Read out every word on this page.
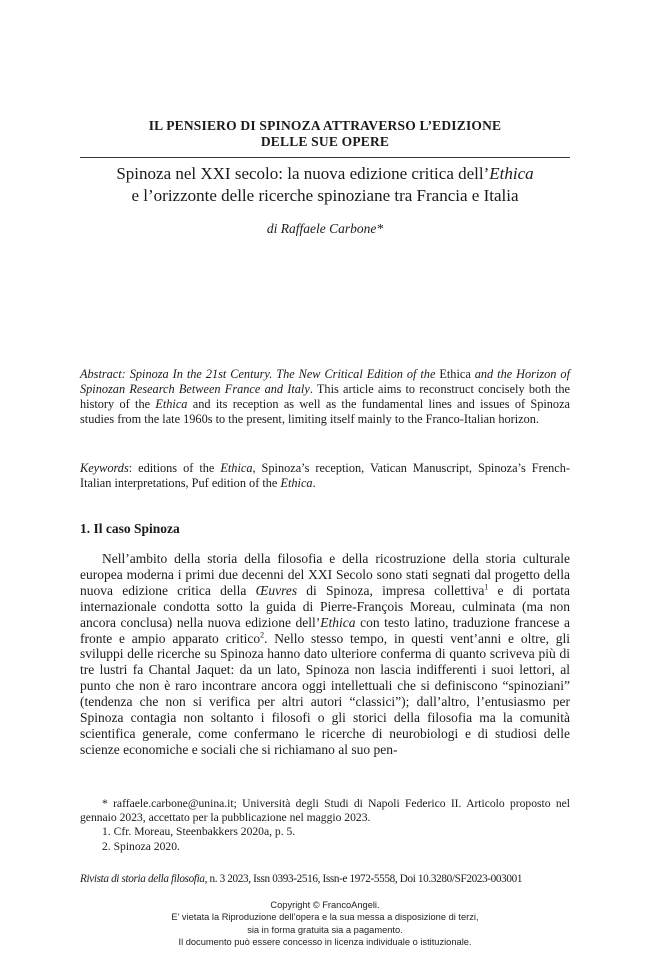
IL PENSIERO DI SPINOZA ATTRAVERSO L’EDIZIONE
DELLE SUE OPERE
Spinoza nel XXI secolo: la nuova edizione critica dell’Ethica
e l’orizzonte delle ricerche spinoziane tra Francia e Italia
di Raffaele Carbone*
Abstract: Spinoza In the 21st Century. The New Critical Edition of the Ethica and the Horizon of Spinozan Research Between France and Italy. This article aims to reconstruct concisely both the history of the Ethica and its reception as well as the fundamental lines and issues of Spinoza studies from the late 1960s to the present, limiting itself mainly to the Franco-Italian horizon.
Keywords: editions of the Ethica, Spinoza’s reception, Vatican Manuscript, Spinoza’s French-Italian interpretations, Puf edition of the Ethica.
1. Il caso Spinoza
Nell’ambito della storia della filosofia e della ricostruzione della storia culturale europea moderna i primi due decenni del XXI Secolo sono stati segnati dal progetto della nuova edizione critica della Œuvres di Spinoza, impresa collettiva$^1$ e di portata internazionale condotta sotto la guida di Pierre-François Moreau, culminata (ma non ancora conclusa) nella nuova edizione dell’Ethica con testo latino, traduzione francese a fronte e ampio apparato critico$^2$. Nello stesso tempo, in questi vent’anni e oltre, gli sviluppi delle ricerche su Spinoza hanno dato ulteriore conferma di quanto scriveva più di tre lustri fa Chantal Jaquet: da un lato, Spinoza non lascia indifferenti i suoi lettori, al punto che non è raro incontrare ancora oggi intellettuali che si definiscono “spinoziani” (tendenza che non si verifica per altri autori “classici”); dall’altro, l’entusiasmo per Spinoza contagia non soltanto i filosofi o gli storici della filosofia ma la comunità scientifica generale, come confermano le ricerche di neurobiologi e di studiosi delle scienze economiche e sociali che si richiamano al suo pen-
* raffaele.carbone@unina.it; Università degli Studi di Napoli Federico II. Articolo proposto nel gennaio 2023, accettato per la pubblicazione nel maggio 2023.
1. Cfr. Moreau, Steenbakkers 2020a, p. 5.
2. Spinoza 2020.
Rivista di storia della filosofia, n. 3 2023, Issn 0393-2516, Issn-e 1972-5558, Doi 10.3280/SF2023-003001
Copyright © FrancoAngeli.
E’ vietata la Riproduzione dell’opera e la sua messa a disposizione di terzi,
sia in forma gratuita sia a pagamento.
Il documento può essere concesso in licenza individuale o istituzionale.
